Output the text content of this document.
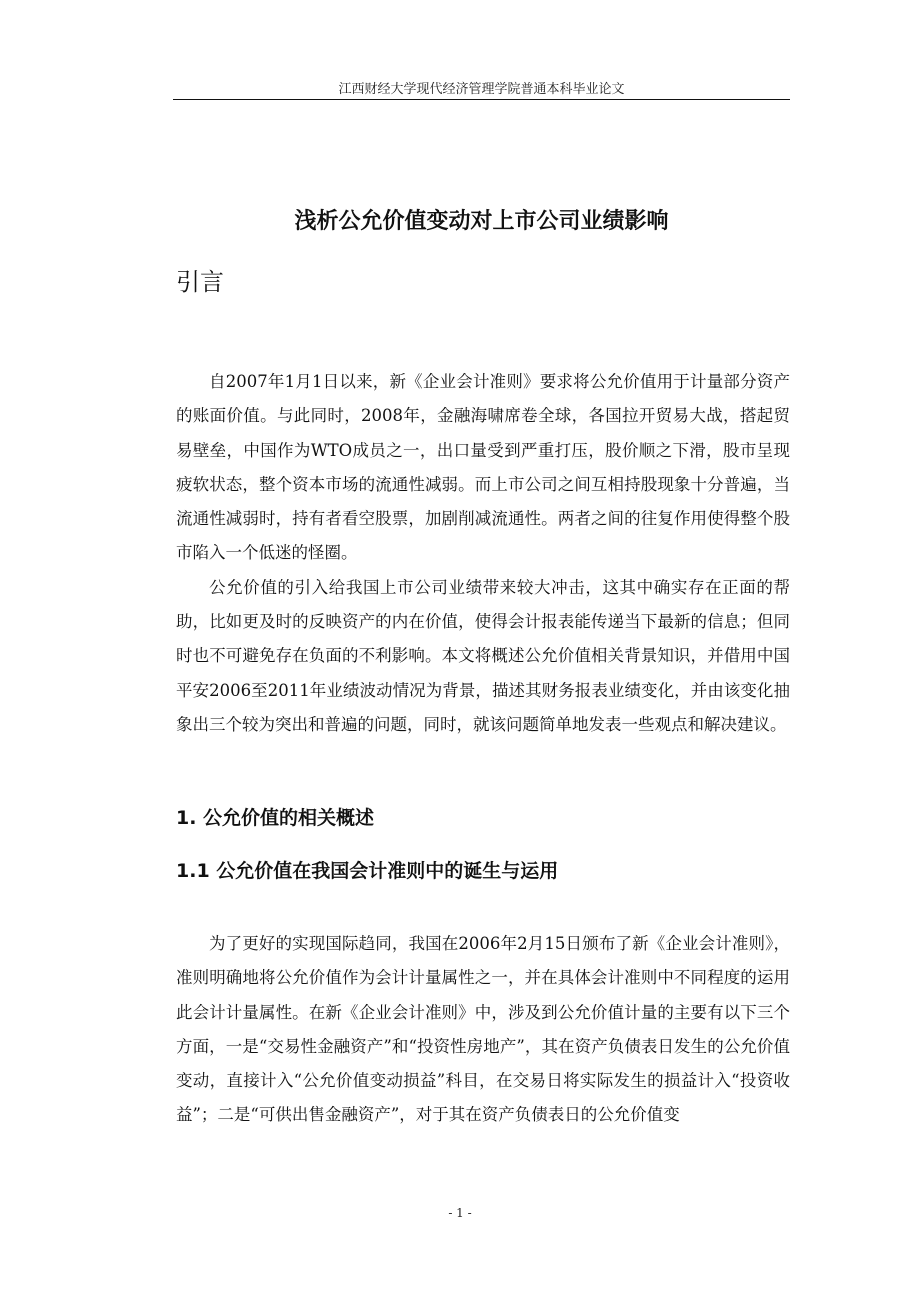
江西财经大学现代经济管理学院普通本科毕业论文
浅析公允价值变动对上市公司业绩影响
引言

自2007年1月1日以来，新《企业会计准则》要求将公允价值用于计量部分资产的账面价值。与此同时，2008年，金融海啸席卷全球，各国拉开贸易大战，搭起贸易壁垒，中国作为WTO成员之一，出口量受到严重打压，股价顺之下滑，股市呈现疲软状态，整个资本市场的流通性减弱。而上市公司之间互相持股现象十分普遍，当流通性减弱时，持有者看空股票，加剧削减流通性。两者之间的往复作用使得整个股市陷入一个低迷的怪圈。

公允价值的引入给我国上市公司业绩带来较大冲击，这其中确实存在正面的帮助，比如更及时的反映资产的内在价值，使得会计报表能传递当下最新的信息；但同时也不可避免存在负面的不利影响。本文将概述公允价值相关背景知识，并借用中国平安2006至2011年业绩波动情况为背景，描述其财务报表业绩变化，并由该变化抽象出三个较为突出和普遍的问题，同时，就该问题简单地发表一些观点和解决建议。

1. 公允价值的相关概述
1.1 公允价值在我国会计准则中的诞生与运用

为了更好的实现国际趋同，我国在2006年2月15日颁布了新《企业会计准则》，准则明确地将公允价值作为会计计量属性之一，并在具体会计准则中不同程度的运用此会计计量属性。在新《企业会计准则》中，涉及到公允价值计量的主要有以下三个方面，一是“交易性金融资产”和“投资性房地产”，其在资产负债表日发生的公允价值变动，直接计入“公允价值变动损益”科目，在交易日将实际发生的损益计入“投资收益”；二是“可供出售金融资产”，对于其在资产负债表日的公允价值变

- 1 -
